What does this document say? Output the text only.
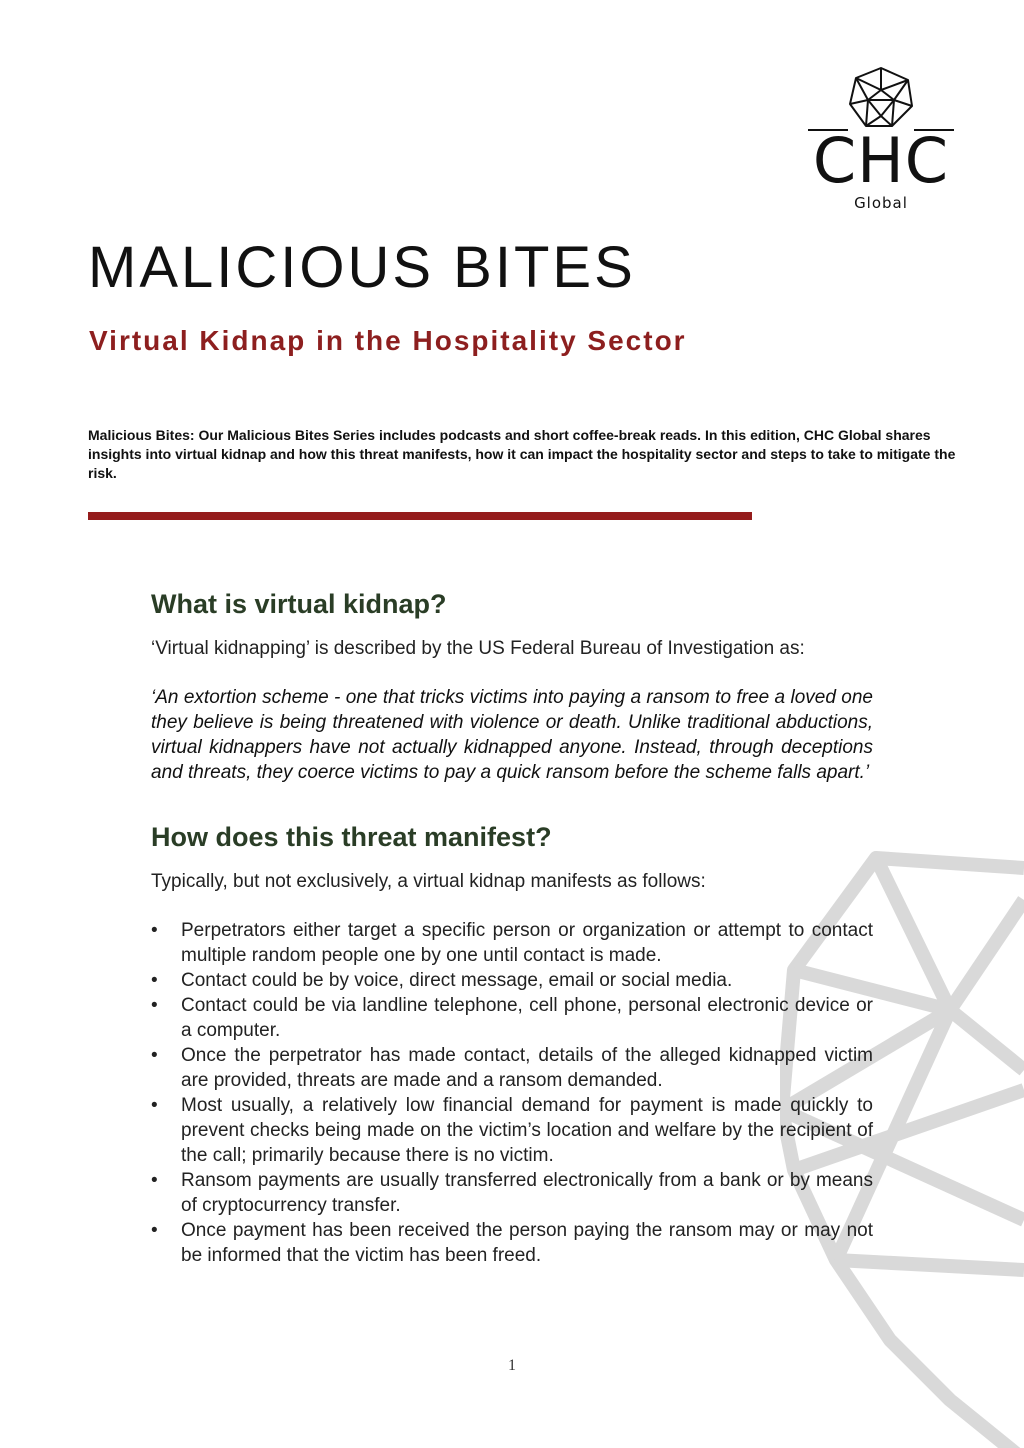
CHC
Global
MALICIOUS BITES
Virtual Kidnap in the Hospitality Sector

Malicious Bites: Our Malicious Bites Series includes podcasts and short coffee-break reads. In this edition, CHC Global shares insights into virtual kidnap and how this threat manifests, how it can impact the hospitality sector and steps to take to mitigate the risk.

What is virtual kidnap?

‘Virtual kidnapping’ is described by the US Federal Bureau of Investigation as:

‘An extortion scheme - one that tricks victims into paying a ransom to free a loved one they believe is being threatened with violence or death. Unlike traditional abductions, virtual kidnappers have not actually kidnapped anyone. Instead, through deceptions and threats, they coerce victims to pay a quick ransom before the scheme falls apart.’

How does this threat manifest?

Typically, but not exclusively, a virtual kidnap manifests as follows:

• Perpetrators either target a specific person or organization or attempt to contact multiple random people one by one until contact is made.
• Contact could be by voice, direct message, email or social media.
• Contact could be via landline telephone, cell phone, personal electronic device or a computer.
• Once the perpetrator has made contact, details of the alleged kidnapped victim are provided, threats are made and a ransom demanded.
• Most usually, a relatively low financial demand for payment is made quickly to prevent checks being made on the victim’s location and welfare by the recipient of the call; primarily because there is no victim.
• Ransom payments are usually transferred electronically from a bank or by means of cryptocurrency transfer.
• Once payment has been received the person paying the ransom may or may not be informed that the victim has been freed.
1
